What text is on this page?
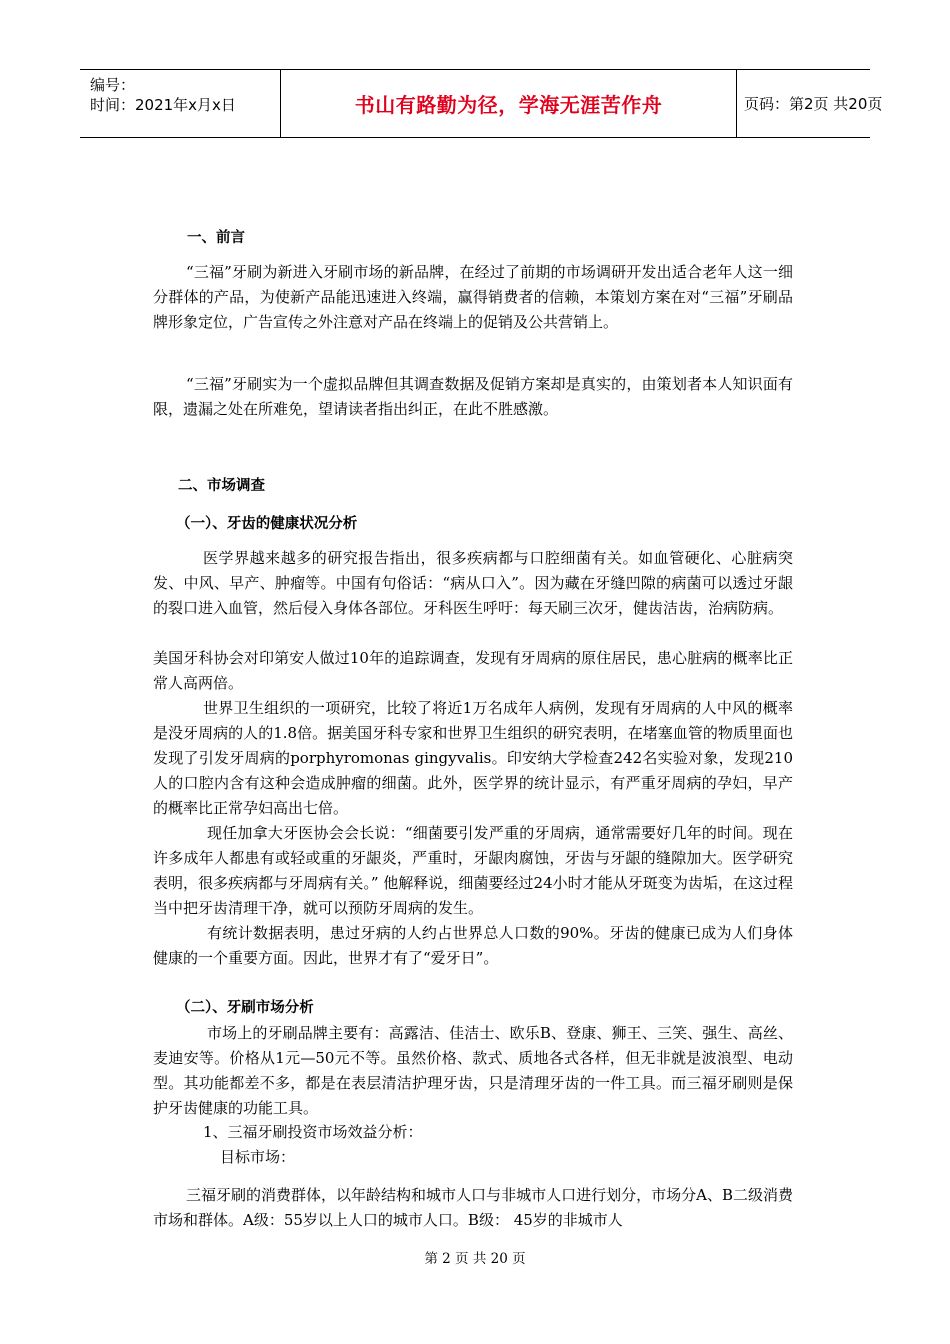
编号：
时间：2021年x月x日	书山有路勤为径，学海无涯苦作舟	页码：第2页 共20页
一、前言

“三福”牙刷为新进入牙刷市场的新品牌，在经过了前期的市场调研开发出适合老年人这一细分群体的产品，为使新产品能迅速进入终端，赢得销费者的信赖，本策划方案在对“三福”牙刷品牌形象定位，广告宣传之外注意对产品在终端上的促销及公共营销上。

“三福”牙刷实为一个虚拟品牌但其调查数据及促销方案却是真实的，由策划者本人知识面有限，遗漏之处在所难免，望请读者指出纠正，在此不胜感激。

二、市场调查
（一）、牙齿的健康状况分析

医学界越来越多的研究报告指出，很多疾病都与口腔细菌有关。如血管硬化、心脏病突发、中风、早产、肿瘤等。中国有句俗话：“病从口入”。因为藏在牙缝凹隙的病菌可以透过牙龈的裂口进入血管，然后侵入身体各部位。牙科医生呼吁：每天刷三次牙，健齿洁齿，治病防病。

美国牙科协会对印第安人做过10年的追踪调查，发现有牙周病的原住居民，患心脏病的概率比正常人高两倍。

世界卫生组织的一项研究，比较了将近1万名成年人病例，发现有牙周病的人中风的概率是没牙周病的人的1.8倍。据美国牙科专家和世界卫生组织的研究表明，在堵塞血管的物质里面也发现了引发牙周病的porphyromonas gingyvalis。印安纳大学检查242名实验对象，发现210人的口腔内含有这种会造成肿瘤的细菌。此外，医学界的统计显示，有严重牙周病的孕妇，早产的概率比正常孕妇高出七倍。

现任加拿大牙医协会会长说：“细菌要引发严重的牙周病，通常需要好几年的时间。现在许多成年人都患有或轻或重的牙龈炎，严重时，牙龈肉腐蚀，牙齿与牙龈的缝隙加大。医学研究表明，很多疾病都与牙周病有关。” 他解释说，细菌要经过24小时才能从牙斑变为齿垢，在这过程当中把牙齿清理干净，就可以预防牙周病的发生。

有统计数据表明，患过牙病的人约占世界总人口数的90%。牙齿的健康已成为人们身体健康的一个重要方面。因此，世界才有了“爱牙日”。

（二）、牙刷市场分析

市场上的牙刷品牌主要有：高露洁、佳洁士、欧乐B、登康、狮王、三笑、强生、高丝、麦迪安等。价格从1元—50元不等。虽然价格、款式、质地各式各样，但无非就是波浪型、电动型。其功能都差不多，都是在表层清洁护理牙齿，只是清理牙齿的一件工具。而三福牙刷则是保护牙齿健康的功能工具。

1、三福牙刷投资市场效益分析：
目标市场：

三福牙刷的消费群体，以年龄结构和城市人口与非城市人口进行划分，市场分A、B二级消费市场和群体。A级：55岁以上人口的城市人口。B级： 45岁的非城市人

第 2 页 共 20 页
